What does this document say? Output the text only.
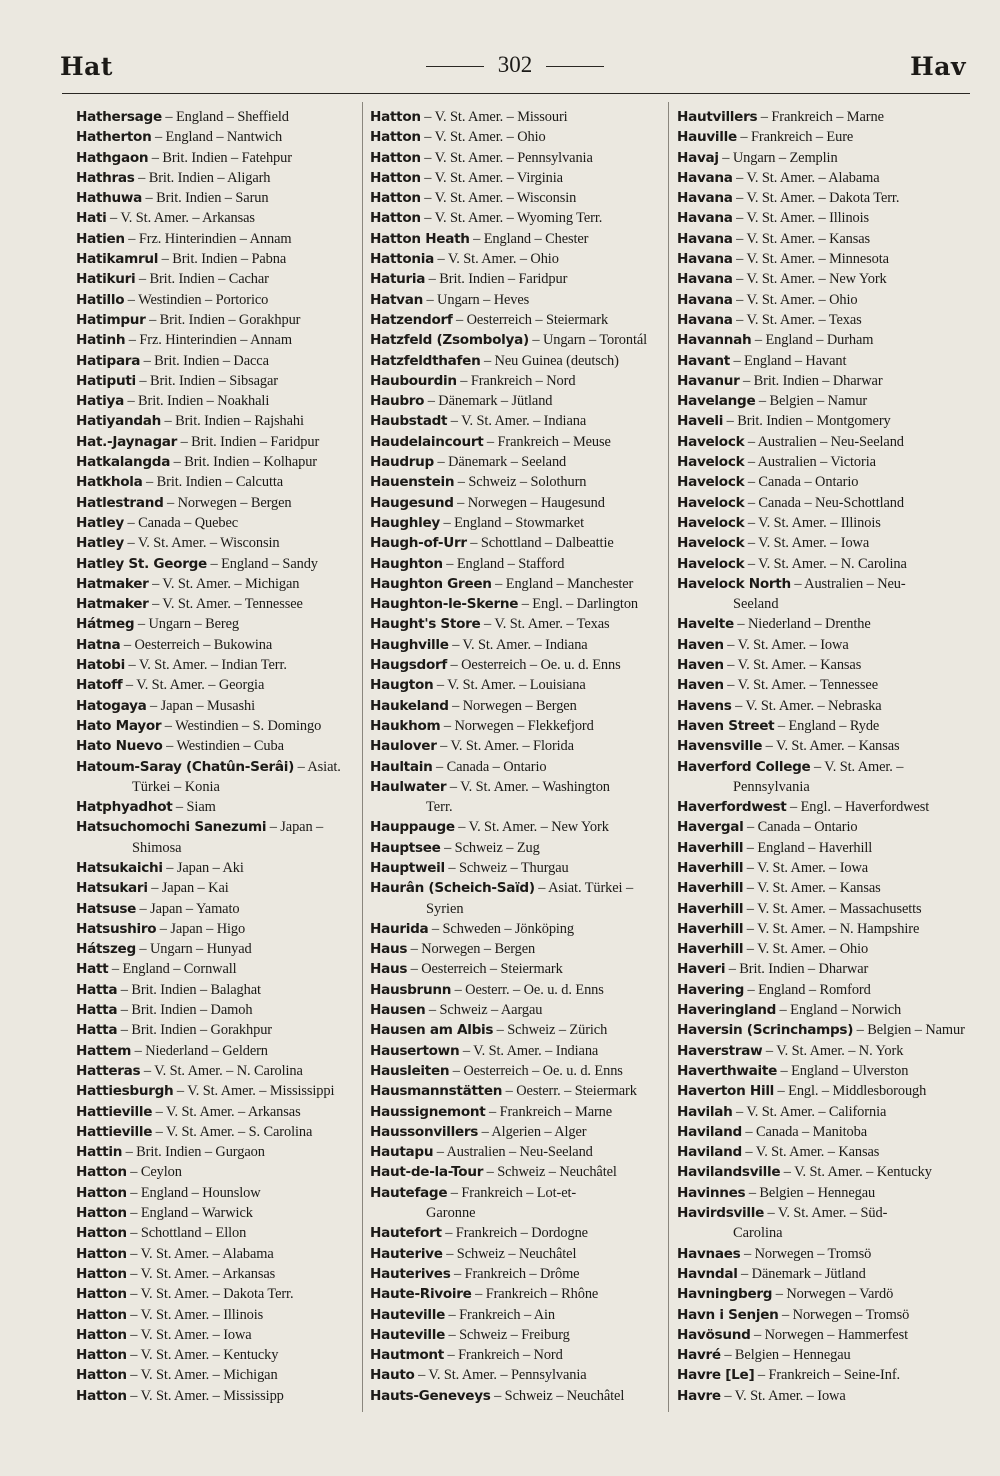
Hat	302	Hav
Hathersage – England – Sheffield
Hatherton – England – Nantwich
Hathgaon – Brit. Indien – Fatehpur
Hathras – Brit. Indien – Aligarh
Hathuwa – Brit. Indien – Sarun
Hati – V. St. Amer. – Arkansas
Hatien – Frz. Hinterindien – Annam
Hatikamrul – Brit. Indien – Pabna
Hatikuri – Brit. Indien – Cachar
Hatillo – Westindien – Portorico
Hatimpur – Brit. Indien – Gorakhpur
Hatinh – Frz. Hinterindien – Annam
Hatipara – Brit. Indien – Dacca
Hatiputi – Brit. Indien – Sibsagar
Hatiya – Brit. Indien – Noakhali
Hatiyandah – Brit. Indien – Rajshahi
Hat.-Jaynagar – Brit. Indien – Faridpur
Hatkalangda – Brit. Indien – Kolhapur
Hatkhola – Brit. Indien – Calcutta
Hatlestrand – Norwegen – Bergen
Hatley – Canada – Quebec
Hatley – V. St. Amer. – Wisconsin
Hatley St. George – England – Sandy
Hatmaker – V. St. Amer. – Michigan
Hatmaker – V. St. Amer. – Tennessee
Hátmeg – Ungarn – Bereg
Hatna – Oesterreich – Bukowina
Hatobi – V. St. Amer. – Indian Terr.
Hatoff – V. St. Amer. – Georgia
Hatogaya – Japan – Musashi
Hato Mayor – Westindien – S. Domingo
Hato Nuevo – Westindien – Cuba
Hatoum-Saray (Chatûn-Serâi) – Asiat.
Türkei – Konia
Hatphyadhot – Siam
Hatsuchomochi Sanezumi – Japan –
Shimosa
Hatsukaichi – Japan – Aki
Hatsukari – Japan – Kai
Hatsuse – Japan – Yamato
Hatsushiro – Japan – Higo
Hátszeg – Ungarn – Hunyad
Hatt – England – Cornwall
Hatta – Brit. Indien – Balaghat
Hatta – Brit. Indien – Damoh
Hatta – Brit. Indien – Gorakhpur
Hattem – Niederland – Geldern
Hatteras – V. St. Amer. – N. Carolina
Hattiesburgh – V. St. Amer. – Mississippi
Hattieville – V. St. Amer. – Arkansas
Hattieville – V. St. Amer. – S. Carolina
Hattin – Brit. Indien – Gurgaon
Hatton – Ceylon
Hatton – England – Hounslow
Hatton – England – Warwick
Hatton – Schottland – Ellon
Hatton – V. St. Amer. – Alabama
Hatton – V. St. Amer. – Arkansas
Hatton – V. St. Amer. – Dakota Terr.
Hatton – V. St. Amer. – Illinois
Hatton – V. St. Amer. – Iowa
Hatton – V. St. Amer. – Kentucky
Hatton – V. St. Amer. – Michigan
Hatton – V. St. Amer. – Mississipp
Hatton – V. St. Amer. – Missouri
Hatton – V. St. Amer. – Ohio
Hatton – V. St. Amer. – Pennsylvania
Hatton – V. St. Amer. – Virginia
Hatton – V. St. Amer. – Wisconsin
Hatton – V. St. Amer. – Wyoming Terr.
Hatton Heath – England – Chester
Hattonia – V. St. Amer. – Ohio
Haturia – Brit. Indien – Faridpur
Hatvan – Ungarn – Heves
Hatzendorf – Oesterreich – Steiermark
Hatzfeld (Zsombolya) – Ungarn – Torontál
Hatzfeldthafen – Neu Guinea (deutsch)
Haubourdin – Frankreich – Nord
Haubro – Dänemark – Jütland
Haubstadt – V. St. Amer. – Indiana
Haudelaincourt – Frankreich – Meuse
Haudrup – Dänemark – Seeland
Hauenstein – Schweiz – Solothurn
Haugesund – Norwegen – Haugesund
Haughley – England – Stowmarket
Haugh-of-Urr – Schottland – Dalbeattie
Haughton – England – Stafford
Haughton Green – England – Manchester
Haughton-le-Skerne – Engl. – Darlington
Haught's Store – V. St. Amer. – Texas
Haughville – V. St. Amer. – Indiana
Haugsdorf – Oesterreich – Oe. u. d. Enns
Haugton – V. St. Amer. – Louisiana
Haukeland – Norwegen – Bergen
Haukhom – Norwegen – Flekkefjord
Haulover – V. St. Amer. – Florida
Haultain – Canada – Ontario
Haulwater – V. St. Amer. – Washington
Terr.
Hauppauge – V. St. Amer. – New York
Hauptsee – Schweiz – Zug
Hauptweil – Schweiz – Thurgau
Haurân (Scheich-Saïd) – Asiat. Türkei –
Syrien
Haurida – Schweden – Jönköping
Haus – Norwegen – Bergen
Haus – Oesterreich – Steiermark
Hausbrunn – Oesterr. – Oe. u. d. Enns
Hausen – Schweiz – Aargau
Hausen am Albis – Schweiz – Zürich
Hausertown – V. St. Amer. – Indiana
Hausleiten – Oesterreich – Oe. u. d. Enns
Hausmannstätten – Oesterr. – Steiermark
Haussignemont – Frankreich – Marne
Haussonvillers – Algerien – Alger
Hautapu – Australien – Neu-Seeland
Haut-de-la-Tour – Schweiz – Neuchâtel
Hautefage – Frankreich – Lot-et-
Garonne
Hautefort – Frankreich – Dordogne
Hauterive – Schweiz – Neuchâtel
Hauterives – Frankreich – Drôme
Haute-Rivoire – Frankreich – Rhône
Hauteville – Frankreich – Ain
Hauteville – Schweiz – Freiburg
Hautmont – Frankreich – Nord
Hauto – V. St. Amer. – Pennsylvania
Hauts-Geneveys – Schweiz – Neuchâtel
Hautvillers – Frankreich – Marne
Hauville – Frankreich – Eure
Havaj – Ungarn – Zemplin
Havana – V. St. Amer. – Alabama
Havana – V. St. Amer. – Dakota Terr.
Havana – V. St. Amer. – Illinois
Havana – V. St. Amer. – Kansas
Havana – V. St. Amer. – Minnesota
Havana – V. St. Amer. – New York
Havana – V. St. Amer. – Ohio
Havana – V. St. Amer. – Texas
Havannah – England – Durham
Havant – England – Havant
Havanur – Brit. Indien – Dharwar
Havelange – Belgien – Namur
Haveli – Brit. Indien – Montgomery
Havelock – Australien – Neu-Seeland
Havelock – Australien – Victoria
Havelock – Canada – Ontario
Havelock – Canada – Neu-Schottland
Havelock – V. St. Amer. – Illinois
Havelock – V. St. Amer. – Iowa
Havelock – V. St. Amer. – N. Carolina
Havelock North – Australien – Neu-
Seeland
Havelte – Niederland – Drenthe
Haven – V. St. Amer. – Iowa
Haven – V. St. Amer. – Kansas
Haven – V. St. Amer. – Tennessee
Havens – V. St. Amer. – Nebraska
Haven Street – England – Ryde
Havensville – V. St. Amer. – Kansas
Haverford College – V. St. Amer. –
Pennsylvania
Haverfordwest – Engl. – Haverfordwest
Havergal – Canada – Ontario
Haverhill – England – Haverhill
Haverhill – V. St. Amer. – Iowa
Haverhill – V. St. Amer. – Kansas
Haverhill – V. St. Amer. – Massachusetts
Haverhill – V. St. Amer. – N. Hampshire
Haverhill – V. St. Amer. – Ohio
Haveri – Brit. Indien – Dharwar
Havering – England – Romford
Haveringland – England – Norwich
Haversin (Scrinchamps) – Belgien – Namur
Haverstraw – V. St. Amer. – N. York
Haverthwaite – England – Ulverston
Haverton Hill – Engl. – Middlesborough
Havilah – V. St. Amer. – California
Haviland – Canada – Manitoba
Haviland – V. St. Amer. – Kansas
Havilandsville – V. St. Amer. – Kentucky
Havinnes – Belgien – Hennegau
Havirdsville – V. St. Amer. – Süd-
Carolina
Havnaes – Norwegen – Tromsö
Havndal – Dänemark – Jütland
Havningberg – Norwegen – Vardö
Havn i Senjen – Norwegen – Tromsö
Havösund – Norwegen – Hammerfest
Havré – Belgien – Hennegau
Havre [Le] – Frankreich – Seine-Inf.
Havre – V. St. Amer. – Iowa
